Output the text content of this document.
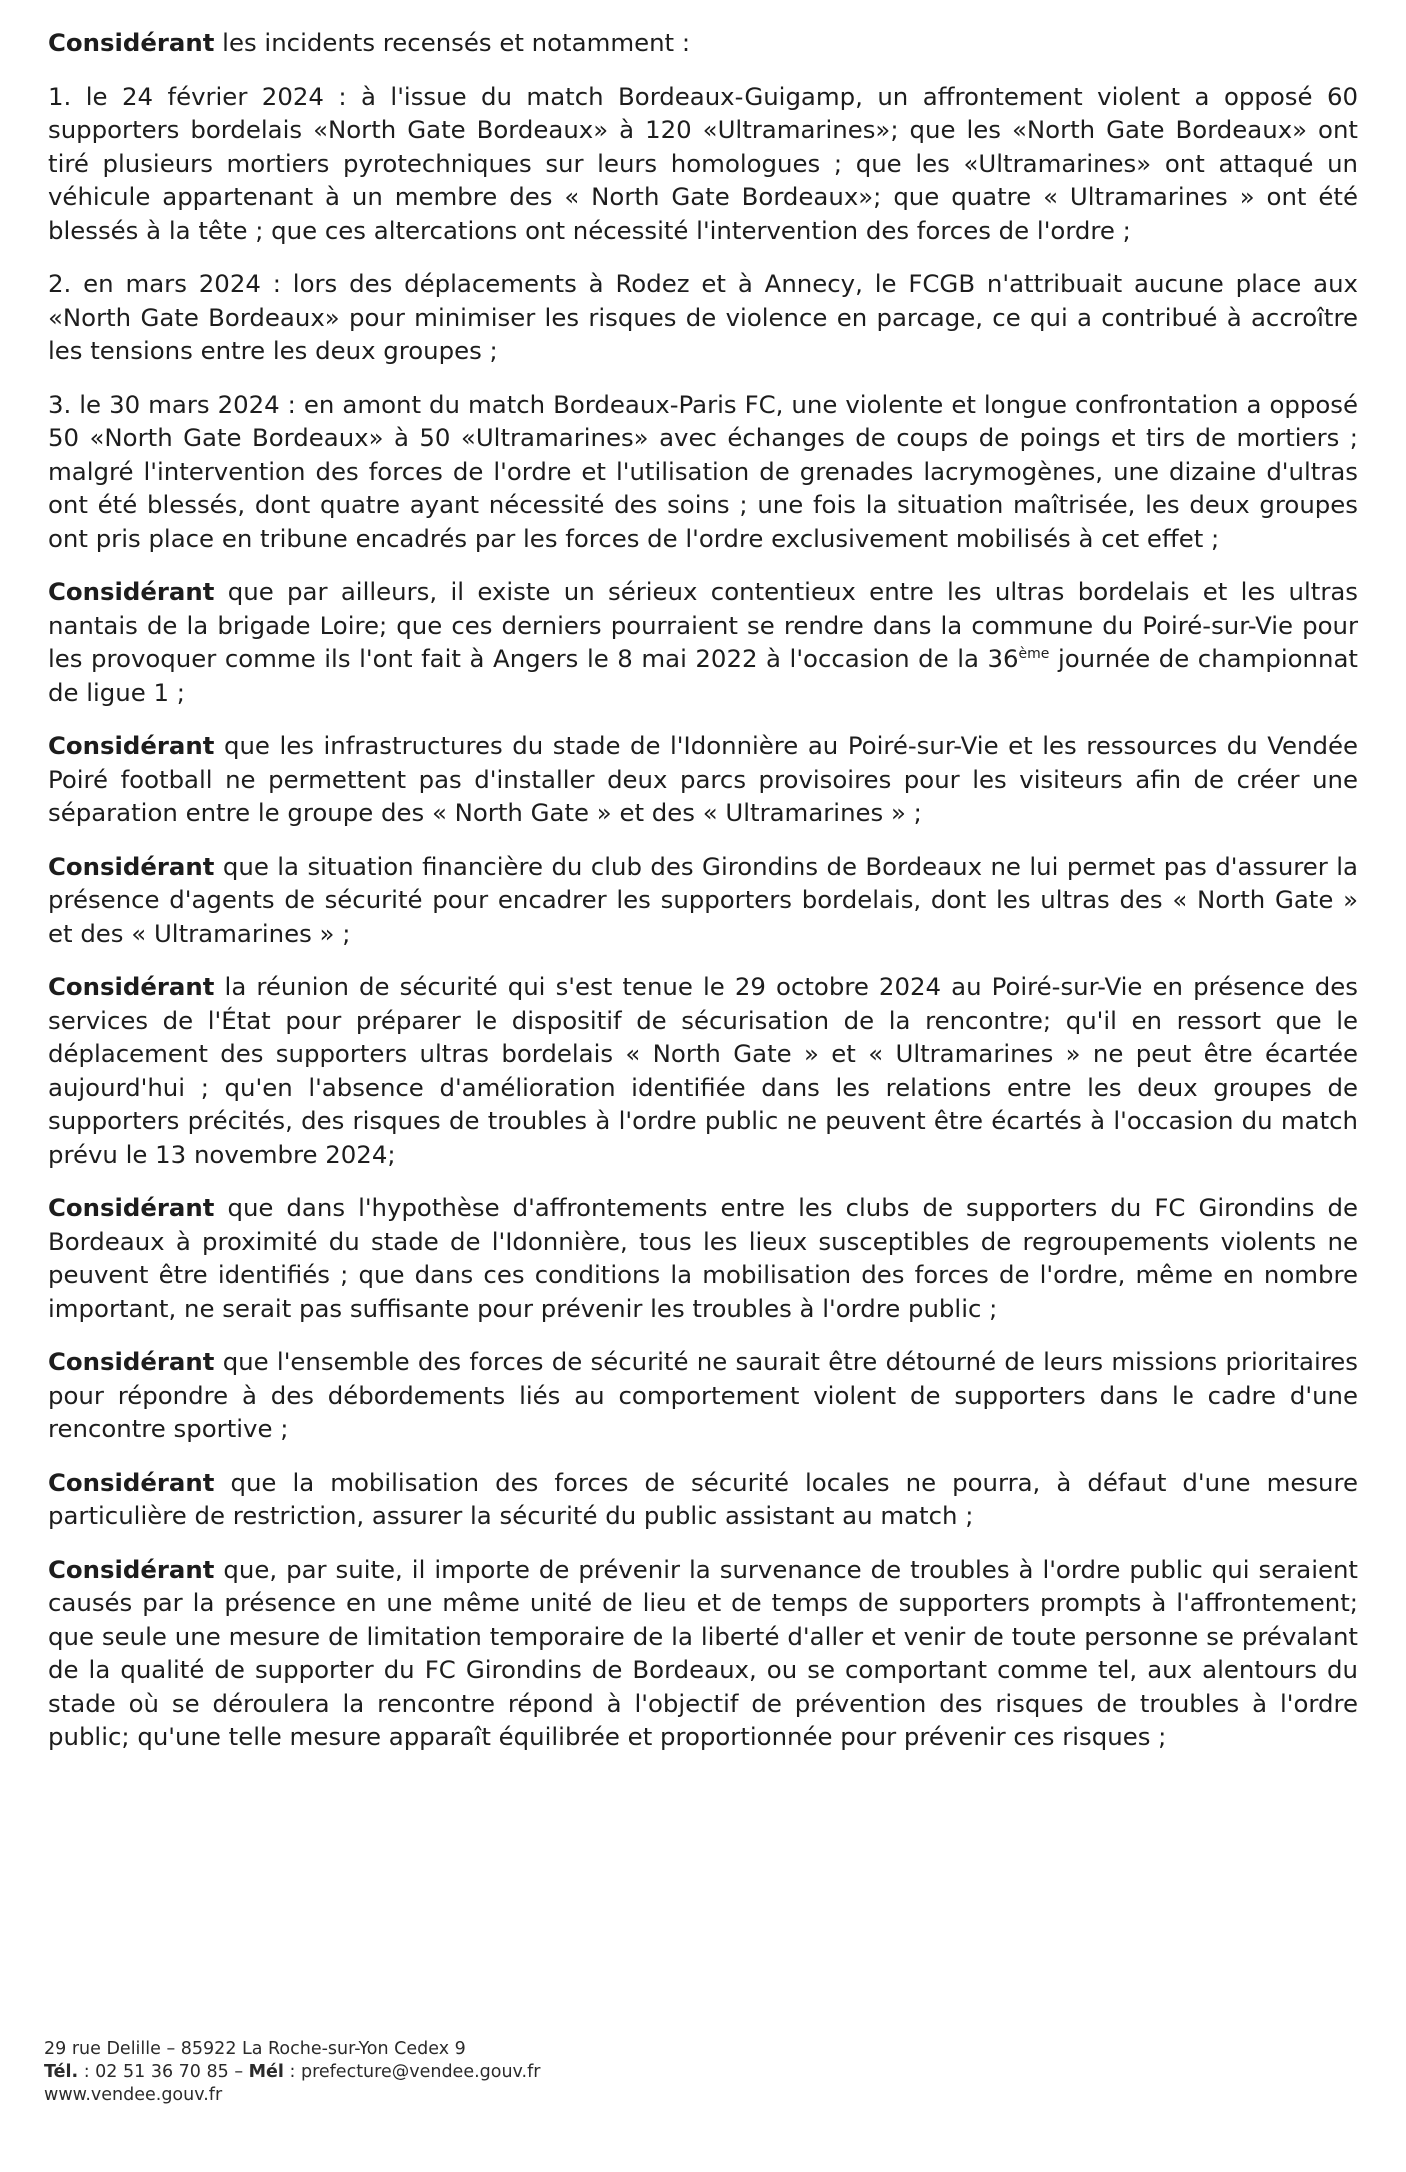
Considérant les incidents recensés et notamment :

1. le 24 février 2024 : à l'issue du match Bordeaux-Guigamp, un affrontement violent a opposé 60 supporters bordelais «North Gate Bordeaux» à 120 «Ultramarines»; que les «North Gate Bordeaux» ont tiré plusieurs mortiers pyrotechniques sur leurs homologues ; que les «Ultramarines» ont attaqué un véhicule appartenant à un membre des « North Gate Bordeaux»; que quatre « Ultramarines » ont été blessés à la tête ; que ces altercations ont nécessité l'intervention des forces de l'ordre ;

2. en mars 2024 : lors des déplacements à Rodez et à Annecy, le FCGB n'attribuait aucune place aux «North Gate Bordeaux» pour minimiser les risques de violence en parcage, ce qui a contribué à accroître les tensions entre les deux groupes ;

3. le 30 mars 2024 : en amont du match Bordeaux-Paris FC, une violente et longue confrontation a opposé 50 «North Gate Bordeaux» à 50 «Ultramarines» avec échanges de coups de poings et tirs de mortiers ; malgré l'intervention des forces de l'ordre et l'utilisation de grenades lacrymogènes, une dizaine d'ultras ont été blessés, dont quatre ayant nécessité des soins ; une fois la situation maîtrisée, les deux groupes ont pris place en tribune encadrés par les forces de l'ordre exclusivement mobilisés à cet effet ;

Considérant que par ailleurs, il existe un sérieux contentieux entre les ultras bordelais et les ultras nantais de la brigade Loire; que ces derniers pourraient se rendre dans la commune du Poiré-sur-Vie pour les provoquer comme ils l'ont fait à Angers le 8 mai 2022 à l'occasion de la 36ème journée de championnat de ligue 1 ;

Considérant que les infrastructures du stade de l'Idonnière au Poiré-sur-Vie et les ressources du Vendée Poiré football ne permettent pas d'installer deux parcs provisoires pour les visiteurs afin de créer une séparation entre le groupe des « North Gate » et des « Ultramarines » ;

Considérant que la situation financière du club des Girondins de Bordeaux ne lui permet pas d'assurer la présence d'agents de sécurité pour encadrer les supporters bordelais, dont les ultras des « North Gate » et des « Ultramarines » ;

Considérant la réunion de sécurité qui s'est tenue le 29 octobre 2024 au Poiré-sur-Vie en présence des services de l'État pour préparer le dispositif de sécurisation de la rencontre; qu'il en ressort que le déplacement des supporters ultras bordelais « North Gate » et « Ultramarines » ne peut être écartée aujourd'hui ; qu'en l'absence d'amélioration identifiée dans les relations entre les deux groupes de supporters précités, des risques de troubles à l'ordre public ne peuvent être écartés à l'occasion du match prévu le 13 novembre 2024;

Considérant que dans l'hypothèse d'affrontements entre les clubs de supporters du FC Girondins de Bordeaux à proximité du stade de l'Idonnière, tous les lieux susceptibles de regroupements violents ne peuvent être identifiés ; que dans ces conditions la mobilisation des forces de l'ordre, même en nombre important, ne serait pas suffisante pour prévenir les troubles à l'ordre public ;

Considérant que l'ensemble des forces de sécurité ne saurait être détourné de leurs missions prioritaires pour répondre à des débordements liés au comportement violent de supporters dans le cadre d'une rencontre sportive ;

Considérant que la mobilisation des forces de sécurité locales ne pourra, à défaut d'une mesure particulière de restriction, assurer la sécurité du public assistant au match ;

Considérant que, par suite, il importe de prévenir la survenance de troubles à l'ordre public qui seraient causés par la présence en une même unité de lieu et de temps de supporters prompts à l'affrontement; que seule une mesure de limitation temporaire de la liberté d'aller et venir de toute personne se prévalant de la qualité de supporter du FC Girondins de Bordeaux, ou se comportant comme tel, aux alentours du stade où se déroulera la rencontre répond à l'objectif de prévention des risques de troubles à l'ordre public; qu'une telle mesure apparaît équilibrée et proportionnée pour prévenir ces risques ;

29 rue Delille – 85922 La Roche-sur-Yon Cedex 9
Tél. : 02 51 36 70 85 – Mél : prefecture@vendee.gouv.fr
www.vendee.gouv.fr
